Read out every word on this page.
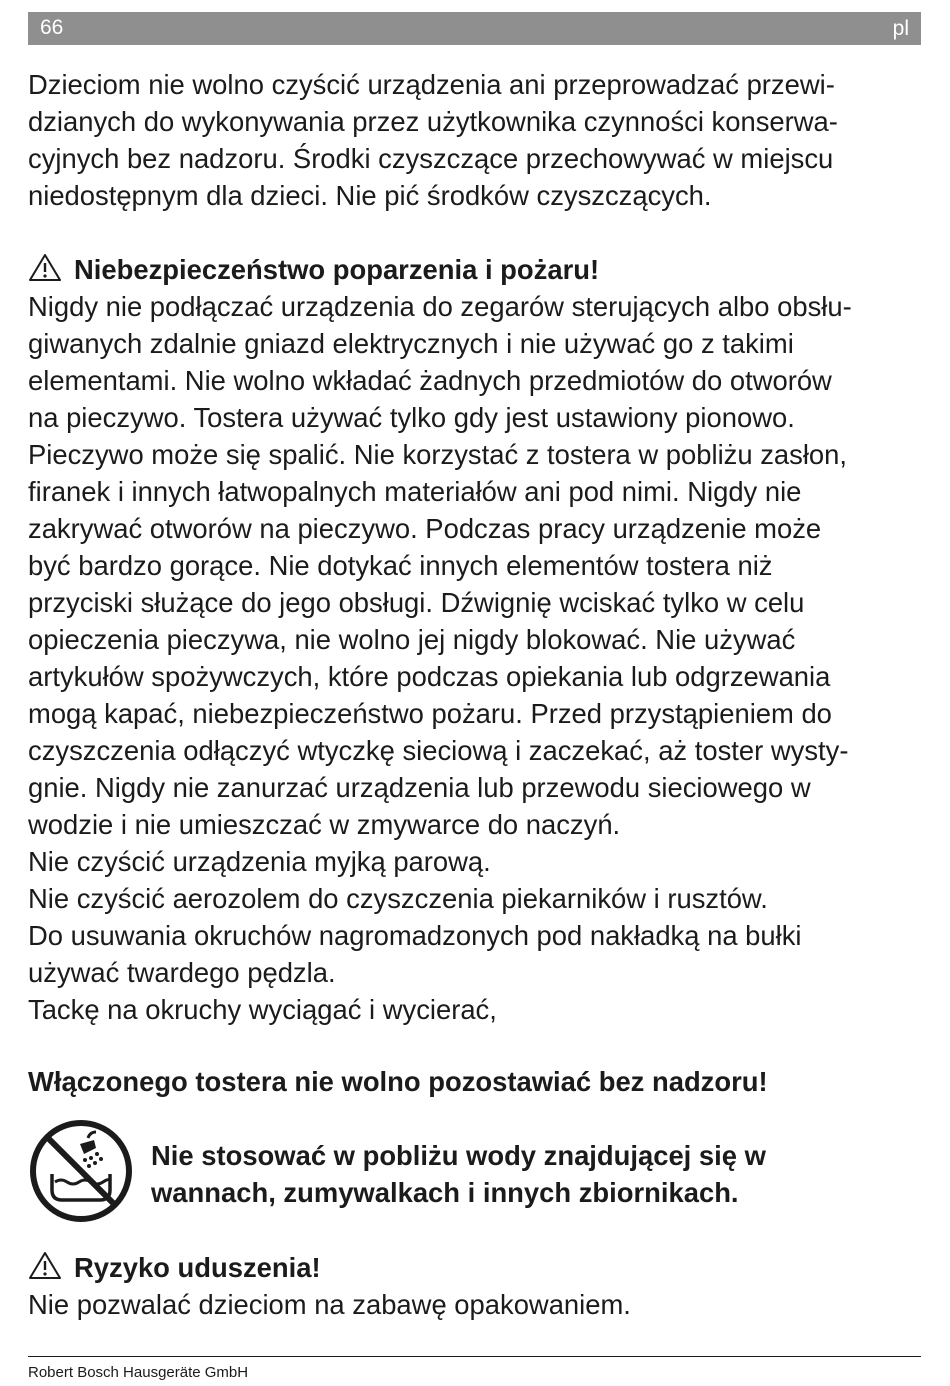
66	pl
Dzieciom nie wolno czyścić urządzenia ani przeprowadzać przewi-
dzianych do wykonywania przez użytkownika czynności konserwa-
cyjnych bez nadzoru. Środki czyszczące przechowywać w miejscu
niedostępnym dla dzieci. Nie pić środków czyszczących.
Niebezpieczeństwo poparzenia i pożaru!
Nigdy nie podłączać urządzenia do zegarów sterujących albo obsłu-
giwanych zdalnie gniazd elektrycznych i nie używać go z takimi
elementami. Nie wolno wkładać żadnych przedmiotów do otworów
na pieczywo. Tostera używać tylko gdy jest ustawiony pionowo.
Pieczywo może się spalić. Nie korzystać z tostera w pobliżu zasłon,
firanek i innych łatwopalnych materiałów ani pod nimi. Nigdy nie
zakrywać otworów na pieczywo. Podczas pracy urządzenie może
być bardzo gorące. Nie dotykać innych elementów tostera niż
przyciski służące do jego obsługi. Dźwignię wciskać tylko w celu
opieczenia pieczywa, nie wolno jej nigdy blokować. Nie używać
artykułów spożywczych, które podczas opiekania lub odgrzewania
mogą kapać, niebezpieczeństwo pożaru. Przed przystąpieniem do
czyszczenia odłączyć wtyczkę sieciową i zaczekać, aż toster wysty-
gnie. Nigdy nie zanurzać urządzenia lub przewodu sieciowego w
wodzie i nie umieszczać w zmywarce do naczyń.
Nie czyścić urządzenia myjką parową.
Nie czyścić aerozolem do czyszczenia piekarników i rusztów.
Do usuwania okruchów nagromadzonych pod nakładką na bułki
używać twardego pędzla.
Tackę na okruchy wyciągać i wycierać,
Włączonego tostera nie wolno pozostawiać bez nadzoru!
Nie stosować w pobliżu wody znajdującej się w
wannach, zumywalkach i innych zbiornikach.
Ryzyko uduszenia!
Nie pozwalać dzieciom na zabawę opakowaniem.
Robert Bosch Hausgeräte GmbH
